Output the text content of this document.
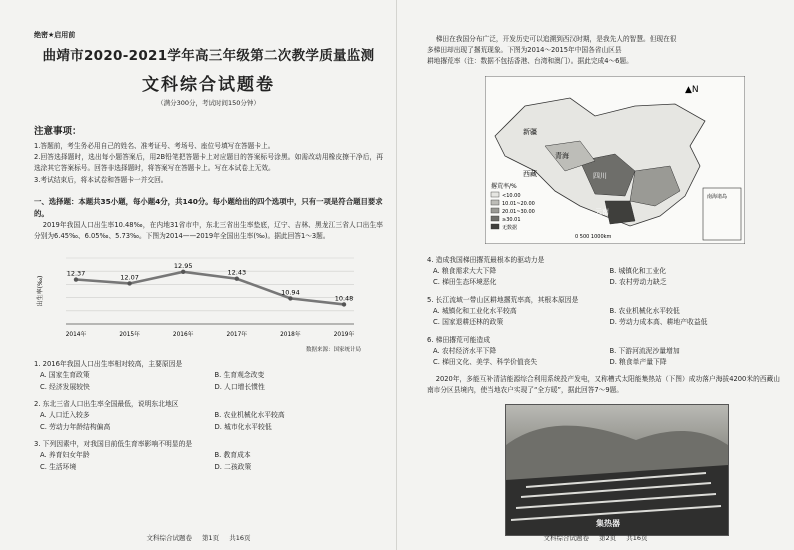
绝密★启用前
曲靖市2020-2021学年高三年级第二次教学质量监测
文科综合试题卷
（满分300分，考试时间150分钟）
注意事项：
1.答题前，考生务必用自己的姓名、准考证号、考场号、座位号填写在答题卡上。
2.回答选择题时，选出每小题答案后，用2B铅笔把答题卡上对应题目的答案标号涂黑。如需改动用橡皮擦干净后，再选涂其它答案标号。回答非选择题时，将答案写在答题卡上。写在本试卷上无效。
3.考试结束后，将本试卷和答题卡一并交回。
一、选择题：本题共35小题，每小题4分，共140分。每小题给出的四个选项中，只有一项是符合题目要求的。
2019年我国人口出生率10.48‰，在内地31省市中，东北三省出生率垫底，辽宁、吉林、黑龙江三省人口出生率分别为6.45‰、6.05‰、5.73‰。下图为2014——2019年全国出生率(‰)。据此回答1～3题。
出生率(‰)
12.37
2014年
12.07
2015年
12.95
2016年
12.43
2017年
10.94
2018年
10.48
2019年
数据来源：国家统计局
1. 2016年我国人口出生率相对较高，主要原因是
A. 国家生育政策	B. 生育观念改变
C. 经济发展较快	D. 人口增长惯性
2. 东北三省人口出生率全国最低，说明东北地区
A. 人口迁入较多	B. 农业机械化水平较高
C. 劳动力年龄结构偏高	D. 城市化水平较低
3. 下列因素中，对我国目前低生育率影响不明显的是
A. 养育妇女年龄	B. 教育成本
C. 生活环境	D. 二孩政策
文科综合试题卷 第1页 共16页
梯田在我国分布广泛，开发历史可以追溯到西汉时期，是我先人的智慧。但现在很
多梯田却出现了撂荒现象。下图为2014～2015年中国各省山区县
耕地撂荒率（注：数据不包括香港、台湾和澳门）。据此完成4～6题。
▲N
新疆
西藏
青海
云南
四川
撂荒率/%
<10.00
10.01~20.00
20.01~30.00
≥30.01
无数据
0 500 1000km
南海诸岛
4. 造成我国梯田撂荒最根本的驱动力是
A. 粮食需求大大下降	B. 城镇化和工业化
C. 梯田生态环境恶化	D. 农村劳动力缺乏
5. 长江流域一带山区耕地撂荒率高，其根本原因是
A. 城镇化和工业化水平较高	B. 农业机械化水平较低
C. 国家退耕还林的政策	D. 劳动力成本高、耕地产收益低
6. 梯田撂荒可能造成
A. 农村经济水平下降	B. 下游河流泥沙量增加
C. 梯田文化、美学、科学价值丧失	D. 粮食单产量下降
2020年，多能互补清洁能源综合利用系统投产发电，又称槽式太阳能集热站（下图）成功落户海拔4200米的西藏山南市分区县境内，使当地农户实现了“全方暖”，据此回答7～9题。
集热器
文科综合试题卷 第2页 共16页
